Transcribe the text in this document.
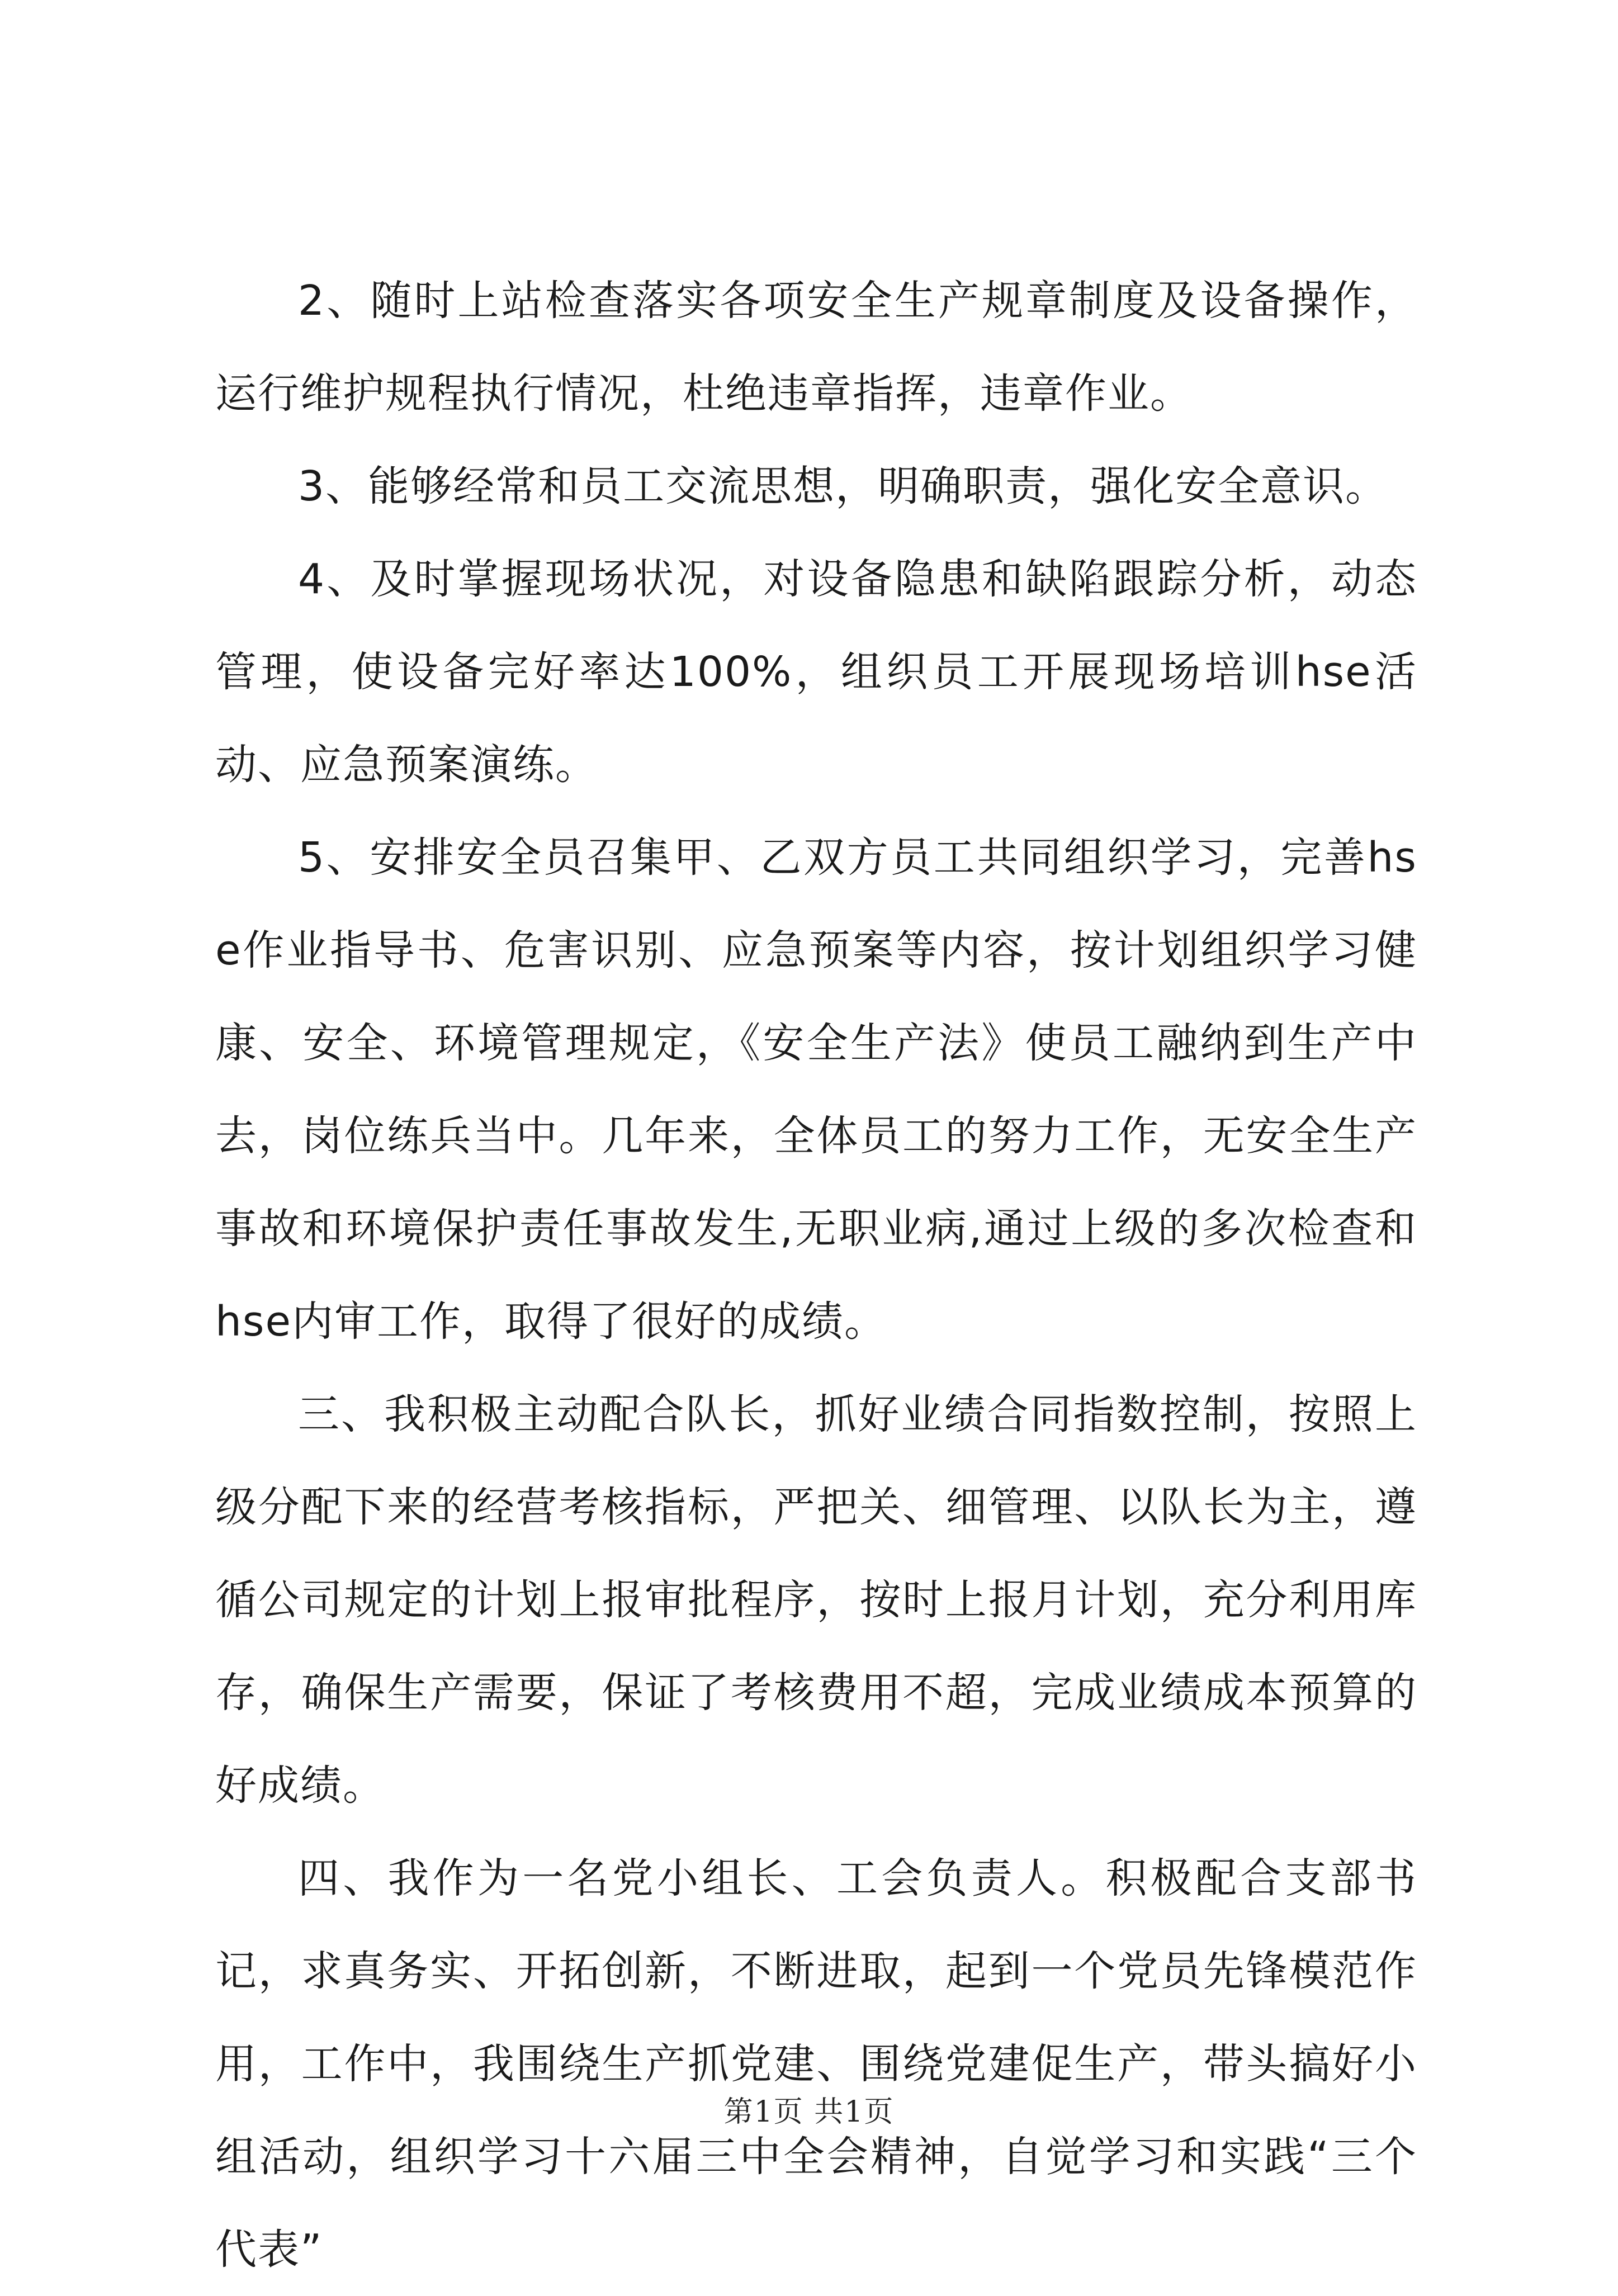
2、随时上站检查落实各项安全生产规章制度及设备操作，运行维护规程执行情况，杜绝违章指挥，违章作业。

3、能够经常和员工交流思想，明确职责，强化安全意识。

4、及时掌握现场状况，对设备隐患和缺陷跟踪分析，动态管理，使设备完好率达100%，组织员工开展现场培训hse活动、应急预案演练。

5、安排安全员召集甲、乙双方员工共同组织学习，完善hse作业指导书、危害识别、应急预案等内容，按计划组织学习健康、安全、环境管理规定，《安全生产法》使员工融纳到生产中去，岗位练兵当中。几年来，全体员工的努力工作，无安全生产事故和环境保护责任事故发生,无职业病,通过上级的多次检查和hse内审工作，取得了很好的成绩。

三、我积极主动配合队长，抓好业绩合同指数控制，按照上级分配下来的经营考核指标，严把关、细管理、以队长为主，遵循公司规定的计划上报审批程序，按时上报月计划，充分利用库存，确保生产需要，保证了考核费用不超，完成业绩成本预算的好成绩。

四、我作为一名党小组长、工会负责人。积极配合支部书记，求真务实、开拓创新，不断进取，起到一个党员先锋模范作用，工作中，我围绕生产抓党建、围绕党建促生产，带头搞好小组活动，组织学习十六届三中全会精神，自觉学习和实践“三个代表”

第1页 共1页
